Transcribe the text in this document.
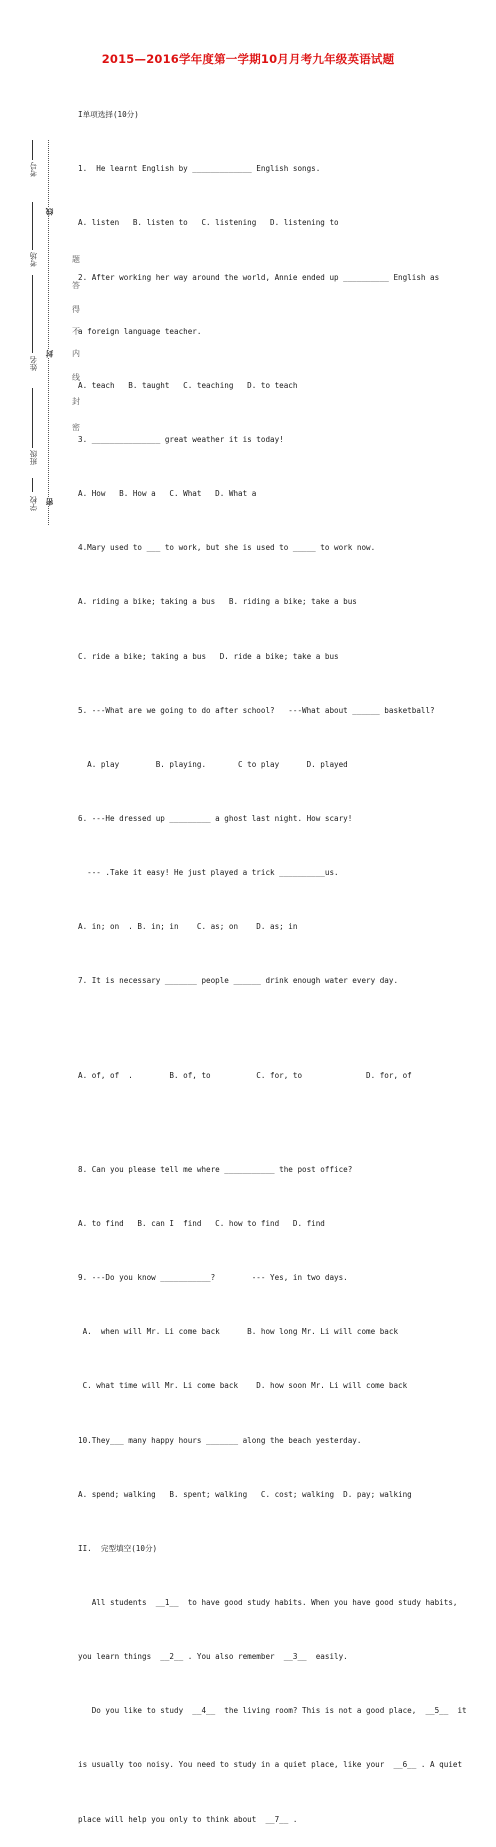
2015—2016学年度第一学期10月月考九年级英语试题
考号
考场
姓名
班级
学校
线
封
密
题
答
得
不
内
线
封
密

I单项选择(10分)

1.  He learnt English by _____________ English songs.

A. listen   B. listen to   C. listening   D. listening to

2. After working her way around the world, Annie ended up __________ English as

a foreign language teacher.

A. teach   B. taught   C. teaching   D. to teach

3. _______________ great weather it is today!

A. How   B. How a   C. What   D. What a

4.Mary used to ___ to work, but she is used to _____ to work now.

A. riding a bike; taking a bus   B. riding a bike; take a bus

C. ride a bike; taking a bus   D. ride a bike; take a bus

5. ---What are we going to do after school?   ---What about ______ basketball?

A. play        B. playing.       C to play      D. played

6. ---He dressed up _________ a ghost last night. How scary!

--- .Take it easy! He just played a trick __________us.

A. in; on  . B. in; in    C. as; on    D. as; in

7. It is necessary _______ people ______ drink enough water every day.

A. of, of  .        B. of, to          C. for, to              D. for, of

8. Can you please tell me where ___________ the post office?

A. to find   B. can I  find   C. how to find   D. find

9. ---Do you know ___________?        --- Yes, in two days.

A.  when will Mr. Li come back      B. how long Mr. Li will come back

C. what time will Mr. Li come back    D. how soon Mr. Li will come back

10.They___ many happy hours _______ along the beach yesterday.

A. spend; walking   B. spent; walking   C. cost; walking  D. pay; walking

II.  完型填空(10分)

All students  __1__  to have good study habits. When you have good study habits,

you learn things  __2__ . You also remember  __3__  easily.

Do you like to study  __4__  the living room? This is not a good place,  __5__  it

is usually too noisy. You need to study in a quiet place, like your  __6__ . A quiet

place will help you only to think about  __7__ .
